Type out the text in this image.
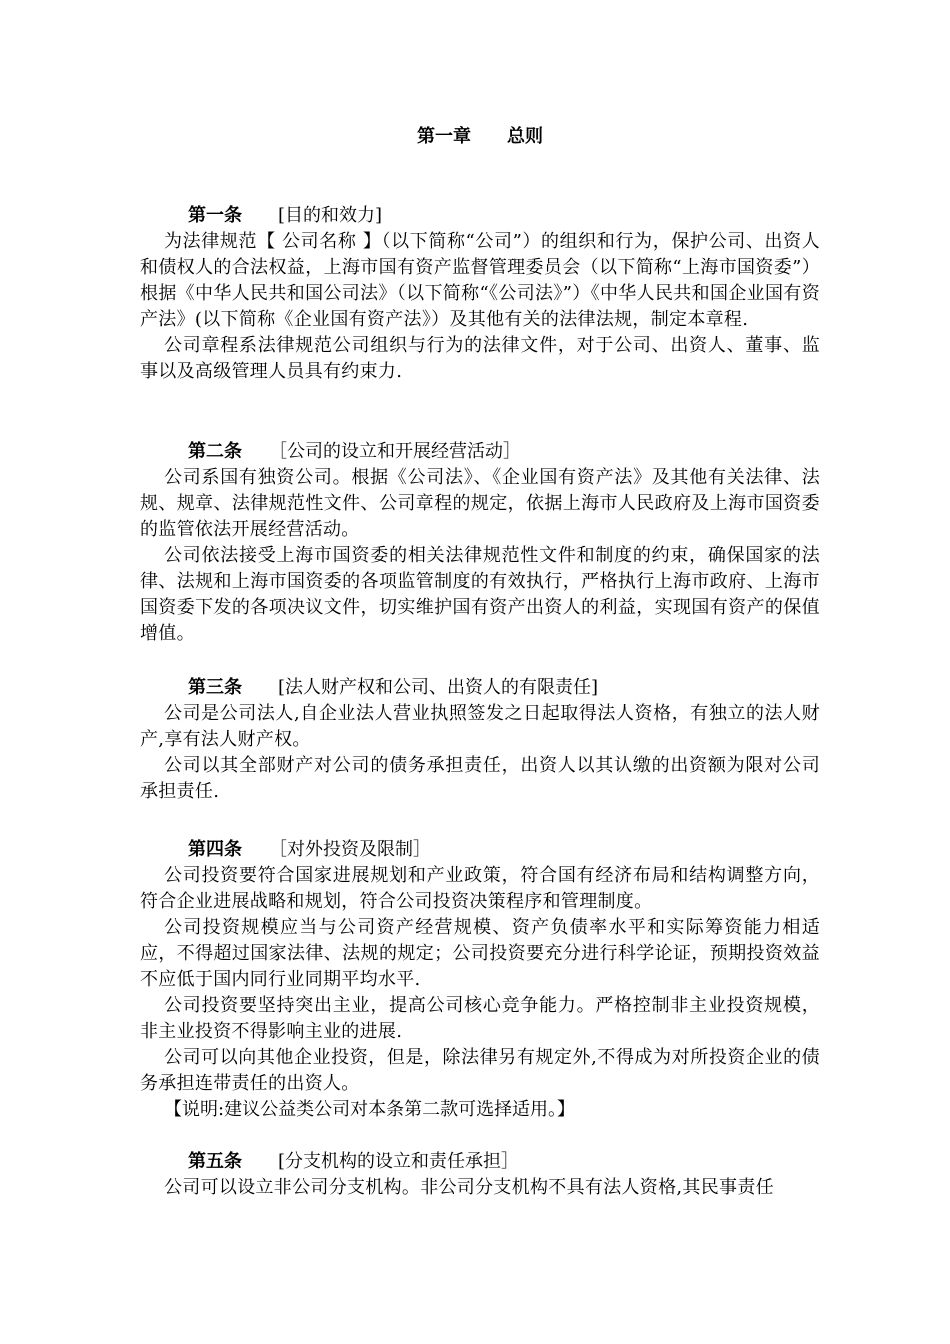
第一章　　总则
第一条　　 [目的和效力]

为法律规范【 公司名称 】（以下简称“公司”）的组织和行为，保护公司、出资人和债权人的合法权益，上海市国有资产监督管理委员会（以下简称“上海市国资委”）根据《中华人民共和国公司法》（以下简称“《公司法》”）《中华人民共和国企业国有资产法》(以下简称《企业国有资产法》）及其他有关的法律法规，制定本章程.

公司章程系法律规范公司组织与行为的法律文件，对于公司、出资人、董事、监事以及高级管理人员具有约束力.

第二条　　 ［公司的设立和开展经营活动］

公司系国有独资公司。根据《公司法》、《企业国有资产法》及其他有关法律、法规、规章、法律规范性文件、公司章程的规定，依据上海市人民政府及上海市国资委的监管依法开展经营活动。

公司依法接受上海市国资委的相关法律规范性文件和制度的约束，确保国家的法律、法规和上海市国资委的各项监管制度的有效执行，严格执行上海市政府、上海市国资委下发的各项决议文件，切实维护国有资产出资人的利益，实现国有资产的保值增值。

第三条　　 [法人财产权和公司、出资人的有限责任]

公司是公司法人,自企业法人营业执照签发之日起取得法人资格，有独立的法人财产,享有法人财产权。

公司以其全部财产对公司的债务承担责任，出资人以其认缴的出资额为限对公司承担责任.

第四条　　 ［对外投资及限制］

公司投资要符合国家进展规划和产业政策，符合国有经济布局和结构调整方向，符合企业进展战略和规划，符合公司投资决策程序和管理制度。

公司投资规模应当与公司资产经营规模、资产负债率水平和实际筹资能力相适应，不得超过国家法律、法规的规定；公司投资要充分进行科学论证，预期投资效益不应低于国内同行业同期平均水平.

公司投资要坚持突出主业，提高公司核心竞争能力。严格控制非主业投资规模，非主业投资不得影响主业的进展.

公司可以向其他企业投资，但是，除法律另有规定外,不得成为对所投资企业的债务承担连带责任的出资人。

【说明:建议公益类公司对本条第二款可选择适用。】

第五条　　 [分支机构的设立和责任承担］

公司可以设立非公司分支机构。非公司分支机构不具有法人资格,其民事责任
